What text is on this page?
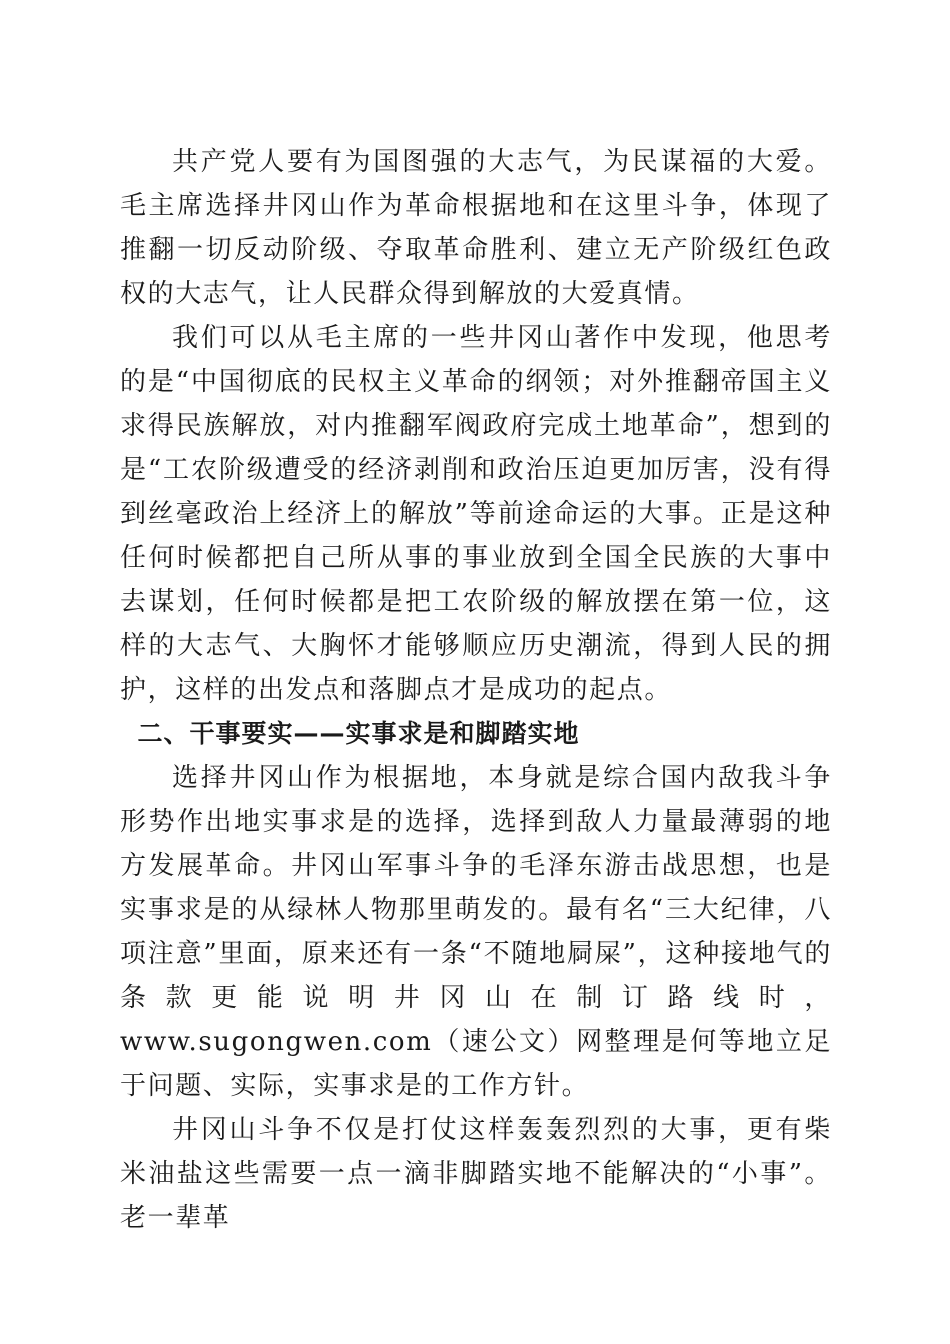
共产党人要有为国图强的大志气，为民谋福的大爱。毛主席选择井冈山作为革命根据地和在这里斗争，体现了推翻一切反动阶级、夺取革命胜利、建立无产阶级红色政权的大志气，让人民群众得到解放的大爱真情。

我们可以从毛主席的一些井冈山著作中发现，他思考的是“中国彻底的民权主义革命的纲领；对外推翻帝国主义求得民族解放，对内推翻军阀政府完成土地革命”，想到的是“工农阶级遭受的经济剥削和政治压迫更加厉害，没有得到丝毫政治上经济上的解放”等前途命运的大事。正是这种任何时候都把自己所从事的事业放到全国全民族的大事中去谋划，任何时候都是把工农阶级的解放摆在第一位，这样的大志气、大胸怀才能够顺应历史潮流，得到人民的拥护，这样的出发点和落脚点才是成功的起点。

二、干事要实——实事求是和脚踏实地

选择井冈山作为根据地，本身就是综合国内敌我斗争形势作出地实事求是的选择，选择到敌人力量最薄弱的地方发展革命。井冈山军事斗争的毛泽东游击战思想，也是实事求是的从绿林人物那里萌发的。最有名“三大纪律，八项注意”里面，原来还有一条“不随地屙屎”，这种接地气的条款更能说明井冈山在制订路线时，www.sugongwen.com（速公文）网整理是何等地立足于问题、实际，实事求是的工作方针。

井冈山斗争不仅是打仗这样轰轰烈烈的大事，更有柴米油盐这些需要一点一滴非脚踏实地不能解决的“小事”。老一辈革
